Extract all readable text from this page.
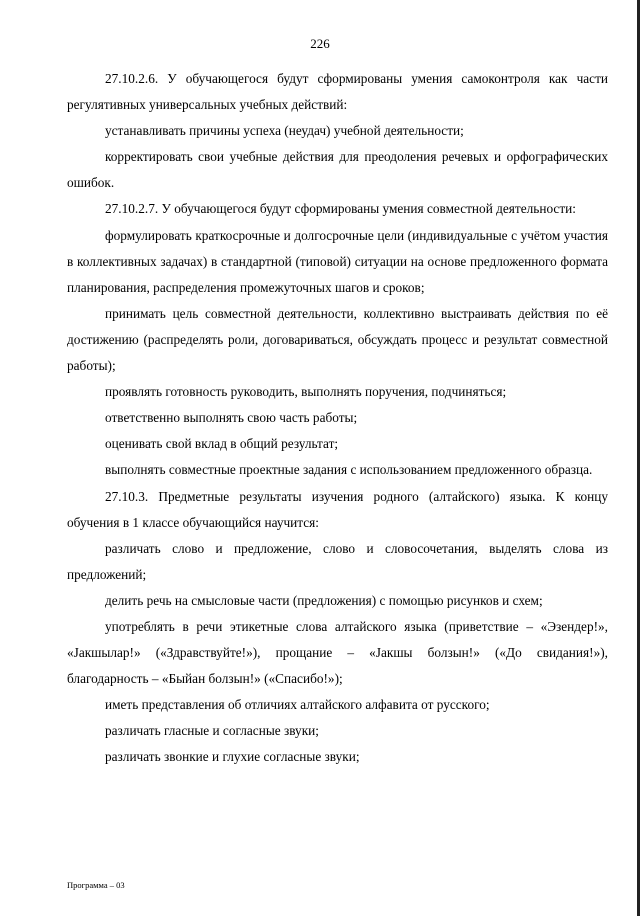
226

27.10.2.6. У обучающегося будут сформированы умения самоконтроля как части регулятивных универсальных учебных действий:

устанавливать причины успеха (неудач) учебной деятельности;

корректировать свои учебные действия для преодоления речевых и орфографических ошибок.

27.10.2.7. У обучающегося будут сформированы умения совместной деятельности:

формулировать краткосрочные и долгосрочные цели (индивидуальные с учётом участия в коллективных задачах) в стандартной (типовой) ситуации на основе предложенного формата планирования, распределения промежуточных шагов и сроков;

принимать цель совместной деятельности, коллективно выстраивать действия по её достижению (распределять роли, договариваться, обсуждать процесс и результат совместной работы);

проявлять готовность руководить, выполнять поручения, подчиняться;

ответственно выполнять свою часть работы;

оценивать свой вклад в общий результат;

выполнять совместные проектные задания с использованием предложенного образца.

27.10.3. Предметные результаты изучения родного (алтайского) языка. К концу обучения в 1 классе обучающийся научится:

различать слово и предложение, слово и словосочетания, выделять слова из предложений;

делить речь на смысловые части (предложения) с помощью рисунков и схем;

употреблять в речи этикетные слова алтайского языка (приветствие – «Эзендер!», «Jакшылар!» («Здравствуйте!»), прощание – «Jакшы болзын!» («До свидания!»), благодарность – «Быйан болзын!» («Спасибо!»);

иметь представления об отличиях алтайского алфавита от русского;

различать гласные и согласные звуки;

различать звонкие и глухие согласные звуки;

Программа – 03
